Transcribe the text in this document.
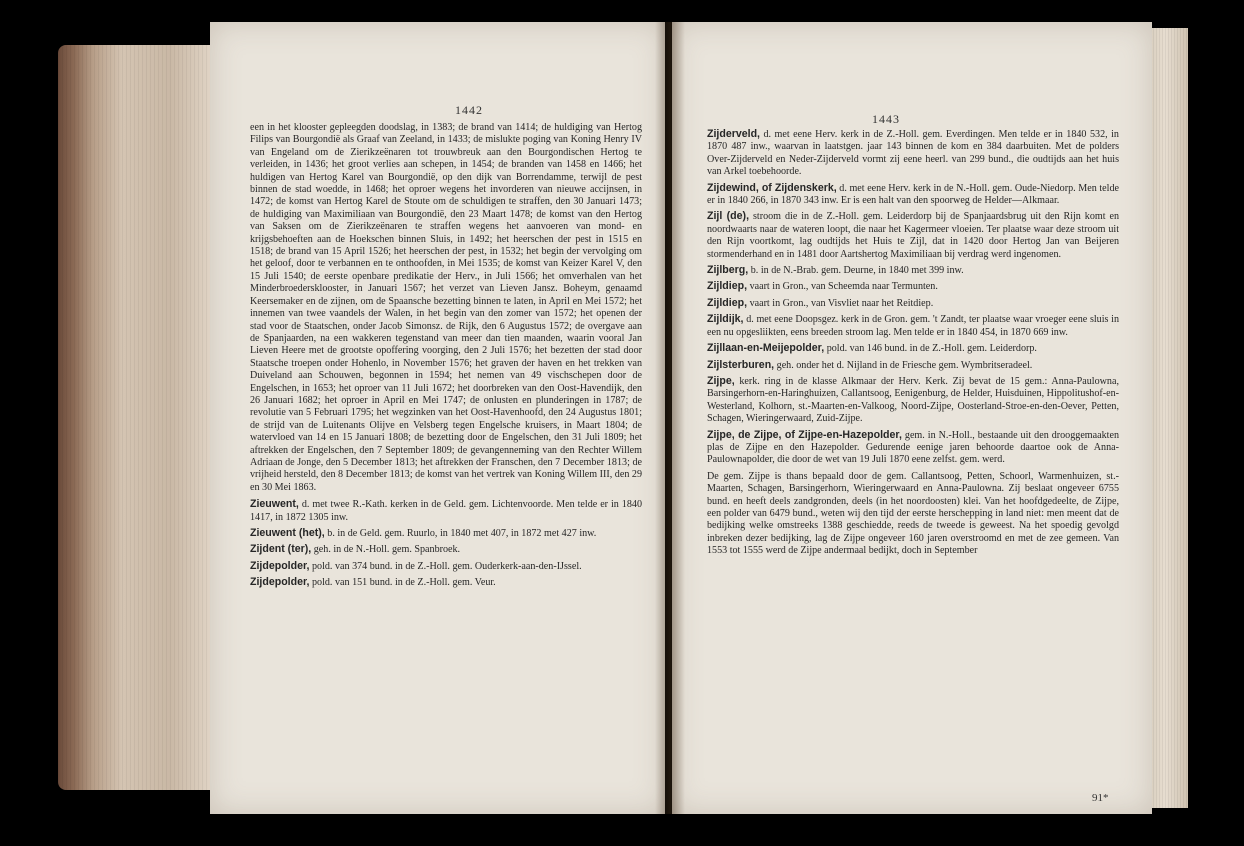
1442
1443

een in het klooster gepleegden doodslag, in 1383; de brand van 1414; de huldiging van Hertog Filips van Bourgondië als Graaf van Zeeland, in 1433; de mislukte poging van Koning Henry IV van Engeland om de Zierikzeënaren tot trouwbreuk aan den Bourgondischen Hertog te verleiden, in 1436; het groot verlies aan schepen, in 1454; de branden van 1458 en 1466; het huldigen van Hertog Karel van Bourgondië, op den dijk van Borrendamme, terwijl de pest binnen de stad woedde, in 1468; het oproer wegens het invorderen van nieuwe accijnsen, in 1472; de komst van Hertog Karel de Stoute om de schuldigen te straffen, den 30 Januari 1473; de huldiging van Maximiliaan van Bourgondië, den 23 Maart 1478; de komst van den Hertog van Saksen om de Zierikzeënaren te straffen wegens het aanvoeren van mond- en krijgsbehoeften aan de Hoekschen binnen Sluis, in 1492; het heerschen der pest in 1515 en 1518; de brand van 15 April 1526; het heerschen der pest, in 1532; het begin der vervolging om het geloof, door te verbannen en te onthoofden, in Mei 1535; de komst van Keizer Karel V, den 15 Juli 1540; de eerste openbare predikatie der Herv., in Juli 1566; het omverhalen van het Minderbroedersklooster, in Januari 1567; het verzet van Lieven Jansz. Boheym, genaamd Keersemaker en de zijnen, om de Spaansche bezetting binnen te laten, in April en Mei 1572; het innemen van twee vaandels der Walen, in het begin van den zomer van 1572; het openen der stad voor de Staatschen, onder Jacob Simonsz. de Rijk, den 6 Augustus 1572; de overgave aan de Spanjaarden, na een wakkeren tegenstand van meer dan tien maanden, waarin vooral Jan Lieven Heere met de grootste opoffering voorging, den 2 Juli 1576; het bezetten der stad door Staatsche troepen onder Hohenlo, in November 1576; het graven der haven en het trekken van Duiveland aan Schouwen, begonnen in 1594; het nemen van 49 vischschepen door de Engelschen, in 1653; het oproer van 11 Juli 1672; het doorbreken van den Oost-Havendijk, den 26 Januari 1682; het oproer in April en Mei 1747; de onlusten en plunderingen in 1787; de revolutie van 5 Februari 1795; het wegzinken van het Oost-Havenhoofd, den 24 Augustus 1801; de strijd van de Luitenants Olijve en Velsberg tegen Engelsche kruisers, in Maart 1804; de watervloed van 14 en 15 Januari 1808; de bezetting door de Engelschen, den 31 Juli 1809; het aftrekken der Engelschen, den 7 September 1809; de gevangenneming van den Rechter Willem Adriaan de Jonge, den 5 December 1813; het aftrekken der Franschen, den 7 December 1813; de vrijheid hersteld, den 8 December 1813; de komst van het vertrek van Koning Willem III, den 29 en 30 Mei 1863.

Zieuwent, d. met twee R.-Kath. kerken in de Geld. gem. Lichtenvoorde. Men telde er in 1840 1417, in 1872 1305 inw.

Zieuwent (het), b. in de Geld. gem. Ruurlo, in 1840 met 407, in 1872 met 427 inw.

Zijdent (ter), geh. in de N.-Holl. gem. Spanbroek.

Zijdepolder, pold. van 374 bund. in de Z.-Holl. gem. Ouderkerk-aan-den-IJssel.

Zijdepolder, pold. van 151 bund. in de Z.-Holl. gem. Veur.

Zijderveld, d. met eene Herv. kerk in de Z.-Holl. gem. Everdingen. Men telde er in 1840 532, in 1870 487 inw., waarvan in laatstgen. jaar 143 binnen de kom en 384 daarbuiten. Met de polders Over-Zijderveld en Neder-Zijderveld vormt zij eene heerl. van 299 bund., die oudtijds aan het huis van Arkel toebehoorde.

Zijdewind, of Zijdenskerk, d. met eene Herv. kerk in de N.-Holl. gem. Oude-Niedorp. Men telde er in 1840 266, in 1870 343 inw. Er is een halt van den spoorweg de Helder—Alkmaar.

Zijl (de), stroom die in de Z.-Holl. gem. Leiderdorp bij de Spanjaardsbrug uit den Rijn komt en noordwaarts naar de wateren loopt, die naar het Kagermeer vloeien. Ter plaatse waar deze stroom uit den Rijn voortkomt, lag oudtijds het Huis te Zijl, dat in 1420 door Hertog Jan van Beijeren stormenderhand en in 1481 door Aartshertog Maximiliaan bij verdrag werd ingenomen.

Zijlberg, b. in de N.-Brab. gem. Deurne, in 1840 met 399 inw.

Zijldiep, vaart in Gron., van Scheemda naar Termunten.

Zijldiep, vaart in Gron., van Visvliet naar het Reitdiep.

Zijldijk, d. met eene Doopsgez. kerk in de Gron. gem. 't Zandt, ter plaatse waar vroeger eene sluis in een nu opgesliikten, eens breeden stroom lag. Men telde er in 1840 454, in 1870 669 inw.

Zijllaan-en-Meijepolder, pold. van 146 bund. in de Z.-Holl. gem. Leiderdorp.

Zijlsterburen, geh. onder het d. Nijland in de Friesche gem. Wymbritseradeel.

Zijpe, kerk. ring in de klasse Alkmaar der Herv. Kerk. Zij bevat de 15 gem.: Anna-Paulowna, Barsingerhorn-en-Haringhuizen, Callantsoog, Eenigenburg, de Helder, Huisduinen, Hippolitushof-en-Westerland, Kolhorn, st.-Maarten-en-Valkoog, Noord-Zijpe, Oosterland-Stroe-en-den-Oever, Petten, Schagen, Wieringerwaard, Zuid-Zijpe.

Zijpe, de Zijpe, of Zijpe-en-Hazepolder, gem. in N.-Holl., bestaande uit den drooggemaakten plas de Zijpe en den Hazepolder. Gedurende eenige jaren behoorde daartoe ook de Anna-Paulownapolder, die door de wet van 19 Juli 1870 eene zelfst. gem. werd.

De gem. Zijpe is thans bepaald door de gem. Callantsoog, Petten, Schoorl, Warmenhuizen, st.-Maarten, Schagen, Barsingerhorn, Wieringerwaard en Anna-Paulowna. Zij beslaat ongeveer 6755 bund. en heeft deels zandgronden, deels (in het noordoosten) klei. Van het hoofdgedeelte, de Zijpe, een polder van 6479 bund., weten wij den tijd der eerste herschepping in land niet: men meent dat de bedijking welke omstreeks 1388 geschiedde, reeds de tweede is geweest. Na het spoedig gevolgd inbreken dezer bedijking, lag de Zijpe ongeveer 160 jaren overstroomd en met de zee gemeen. Van 1553 tot 1555 werd de Zijpe andermaal bedijkt, doch in September

91*
